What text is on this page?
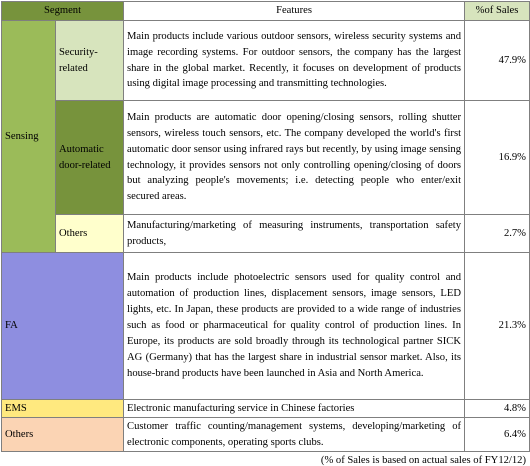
Segment		Features	%of Sales
Sensing	Security-related	Main products include various outdoor sensors, wireless security systems and image recording systems. For outdoor sensors, the company has the largest share in the global market. Recently, it focuses on development of products using digital image processing and transmitting technologies.	47.9%
	Automatic door-related	Main products are automatic door opening/closing sensors, rolling shutter sensors, wireless touch sensors, etc. The company developed the world's first automatic door sensor using infrared rays but recently, by using image sensing technology, it provides sensors not only controlling opening/closing of doors but analyzing people's movements; i.e. detecting people who enter/exit secured areas.	16.9%
	Others	Manufacturing/marketing of measuring instruments, transportation safety products,	2.7%
FA		Main products include photoelectric sensors used for quality control and automation of production lines, displacement sensors, image sensors, LED lights, etc. In Japan, these products are provided to a wide range of industries such as food or pharmaceutical for quality control of production lines. In Europe, its products are sold broadly through its technological partner SICK AG (Germany) that has the largest share in industrial sensor market. Also, its house-brand products have been launched in Asia and North America.	21.3%
EMS		Electronic manufacturing service in Chinese factories	4.8%
Others		Customer traffic counting/management systems, developing/marketing of electronic components, operating sports clubs.	6.4%
(% of Sales is based on actual sales of FY12/12)
